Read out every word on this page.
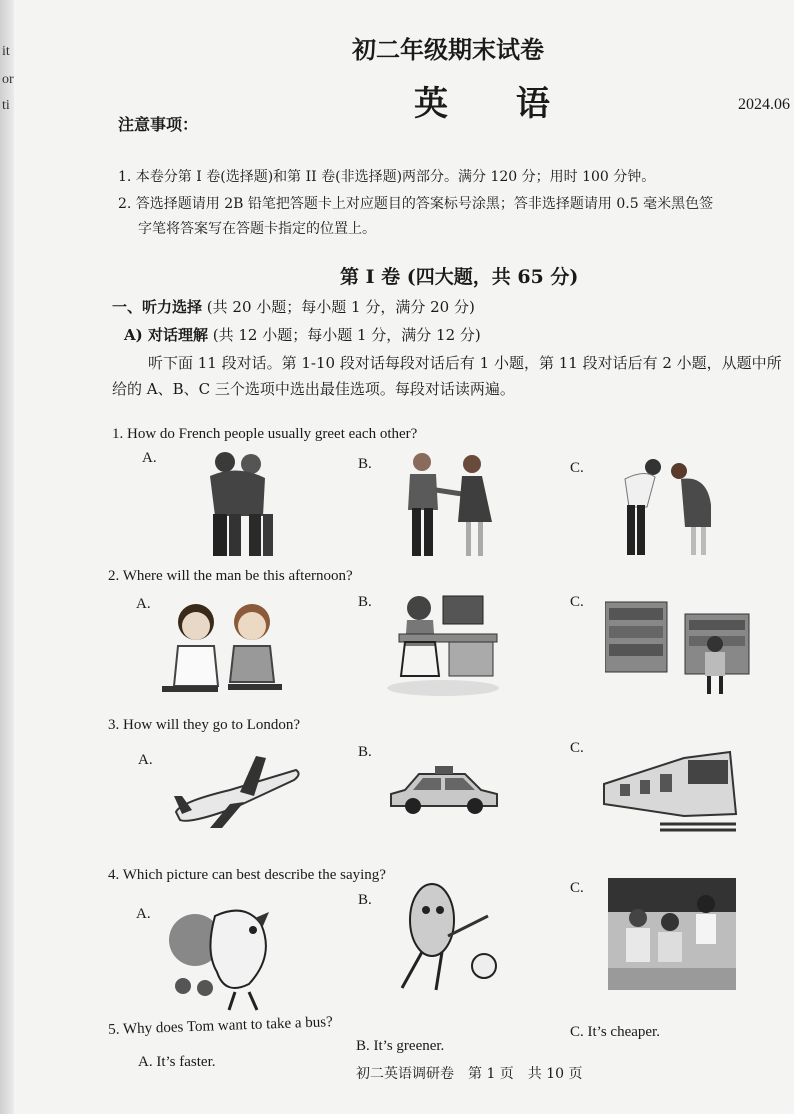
it
or
ti
初二年级期末试卷
英 语	2024.06
注意事项：
1. 本卷分第 I 卷(选择题)和第 II 卷(非选择题)两部分。满分 120 分；用时 100 分钟。
2. 答选择题请用 2B 铅笔把答题卡上对应题目的答案标号涂黑；答非选择题请用 0.5 毫米黑色签
字笔将答案写在答题卡指定的位置上。
第 I 卷 (四大题，共 65 分)
一、听力选择 (共 20 小题；每小题 1 分，满分 20 分)
A) 对话理解 (共 12 小题；每小题 1 分，满分 12 分)
听下面 11 段对话。第 1-10 段对话每段对话后有 1 小题，第 11 段对话后有 2 小题，从题中所
给的 A、B、C 三个选项中选出最佳选项。每段对话读两遍。
1. How do French people usually greet each other?
A.	B.	C.
2. Where will the man be this afternoon?
A.	B.	C.
3. How will they go to London?
A.	B.	C.
4. Which picture can best describe the saying?
A.
B.
C.
5. Why does Tom want to take a bus?
A. It’s faster.
B. It’s greener.
C. It’s cheaper.
初二英语调研卷　第 1 页　共 10 页
